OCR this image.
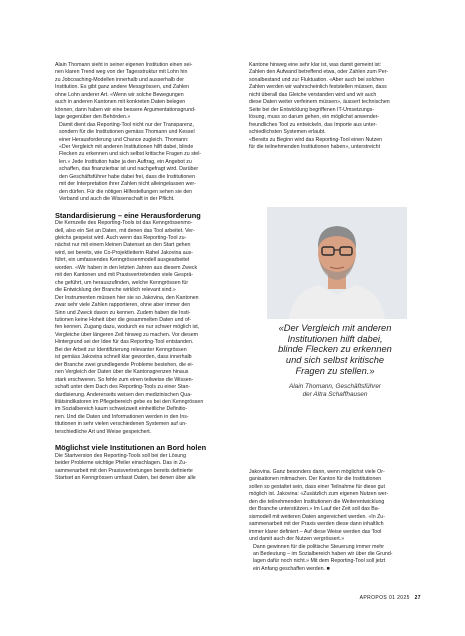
Alain Thomann sieht in seiner eigenen Institution einen sei-

nen klaren Trend weg von der Tagesstruktur mit Lohn hin

zu Jobcoaching-Modellen innerhalb und ausserhalb der

Institution. Es gibt ganz andere Messgrössen, und Zahlen

ohne Lohn anderer Art. «Wenn wir solche Bewegungen

auch in anderen Kantonen mit konkreten Daten belegen

können, dann haben wir eine bessere Argumentationsgrund-

lage gegenüber den Behörden.»

Damit dient das Reporting-Tool nicht nur der Transparenz,

sondern für die Institutionen gemäss Thomann und Kessel

einer Herausforderung und Chance zugleich. Thomann:

«Der Vergleich mit anderen Institutionen hilft dabei, blinde

Flecken zu erkennen und sich selbst kritische Fragen zu stel-

len.» Jede Institution habe ja den Auftrag, ein Angebot zu

schaffen, das finanzierbar ist und nachgefragt wird. Darüber

den Geschäftsführer habe dabei frei, dass die Institutionen

mit der Interpretation ihrer Zahlen nicht alleingelassen wer-

den dürfen. Für die nötigen Hilfestellungen sehen sie den

Verband und auch die Wissenschaft in der Pflicht.

Standardisierung – eine Herausforderung

Die Kernzelle des Reporting-Tools ist das Kenngrössenmo-

dell, also ein Set an Daten, mit denen das Tool arbeitet. Ver-

gleichs gespeist wird. Auch wenn das Reporting-Tool zu-

nächst nur mit einem kleinen Datenset an den Start gehen

wird, sei bereits, wie Co-Projektleiterin Rahel Jakovina aus-

führt, ein umfassendes Kenngrössenmodell ausgearbeitet

worden. «Wir haben in den letzten Jahren aus diesem Zweck

mit den Kantonen und mit Praxisvertretenden viele Gesprä-

che geführt, um herauszufinden, welche Kenngrössen für

die Entwicklung der Branche wirklich relevant sind.»

Der Instrumenten müssen hier sie so Jakovina, den Kantonen

zwar sehr viele Zahlen rapportieren, ohne aber immer den

Sinn und Zweck davon zu kennen. Zudem haben die Insti-

tutionen keine Hoheit über die gesammelten Daten und of-

fen kennen. Zugang dazu, wodurch es nur schwer möglich ist,

Vergleiche über längeren Zeit hinweg zu machen. Vor diesem

Hintergrund sei der Idee für das Reporting-Tool entstanden.

Bei der Arbeit zur Identifizierung relevanter Kenngrössen

ist gemäss Jakovina schnell klar geworden, dass innerhalb

der Branche zwei grundlegende Probleme bestehen, die ei-

nen Vergleich der Daten über die Kantonsgrenzen hinaus

stark erschweren. So fehle zum einen teilweise die Wissen-

schaft unter dem Dach des Reporting-Tools zu einer Stan-

dardisierung. Andererseits weisen den medizinischen Qua-

litätsindikatoren im Pflegebereich gebe es bei den Kenngrössen

im Sozialbereich kaum schweizweit einheitliche Definitio-

nen. Und die Daten und Informationen werden in den Ins-

titutionen in sehr vielen verschiedenen Systemen auf un-

terschiedliche Art und Weise gespeichert.

Möglichst viele Institutionen an Bord holen

Die Startversion des Reporting-Tools soll bei der Lösung

beider Probleme wichtige Pfeiler einschlagen. Das in Zu-

sammenarbeit mit den Praxisvertretungen bereits definierte

Startset an Kenngrössen umfasst Daten, bei denen über alle

Kantone hinweg eine sehr klar ist, was damit gemeint ist:

Zahlen den Aufwand betreffend etwa, oder Zahlen zum Per-

sonalbestand und zur Fluktuation. «Aber auch bei solchen

Zahlen werden wir wahrscheinlich feststellen müssen, dass

nicht überall das Gleiche verstanden wird und wir auch

diese Daten weiter verfeinern müssen», äussert technischen

Seite bei der Entwicklung begriffenen IT-Umsetzungs-

lösung, muss so darum gehen, ein möglichst anwender-

freundliches Tool zu entwickeln, das Importe aus unter-

schiedlichsten Systemen erlaubt.

«Bereits zu Beginn wird das Reporting-Tool einen Nutzen

für die teilnehmenden Institutionen haben», unterstreicht

«Der Vergleich mit anderen

Institutionen hilft dabei,

blinde Flecken zu erkennen

und sich selbst kritische

Fragen zu stellen.»

Alain Thomann, Geschäftsführer

der Altra Schaffhausen

Jakovina. Ganz besonders dann, wenn möglichst viele Or-

ganisationen mitmachen. Der Kanton für die Institutionen

sollen so gestaltet sein, dass einer Teilnahme für diese gut

möglich ist. Jakovina: «Zusätzlich zum eigenen Nutzen wer-

den die teilnehmenden Institutionen die Weiterentwicklung

der Branche unterstützen.» Im Lauf der Zeit soll das Ba-

sismodell mit weiteren Daten angereichert werden. «In Zu-

sammenarbeit mit der Praxis werden diese dann inhaltlich

immer klarer definiert – Auf diese Weise werden das Tool

und damit auch der Nutzen vergrössert.»

Dann gewinnen für die politische Steuerung immer mehr

an Bedeutung – im Sozialbereich haben wir über die Grund-

lagen dafür noch nicht.» Mit dem Reporting-Tool soll jetzt

ein Anfang geschaffen werden. ■

APROPOS 01 2025 27
